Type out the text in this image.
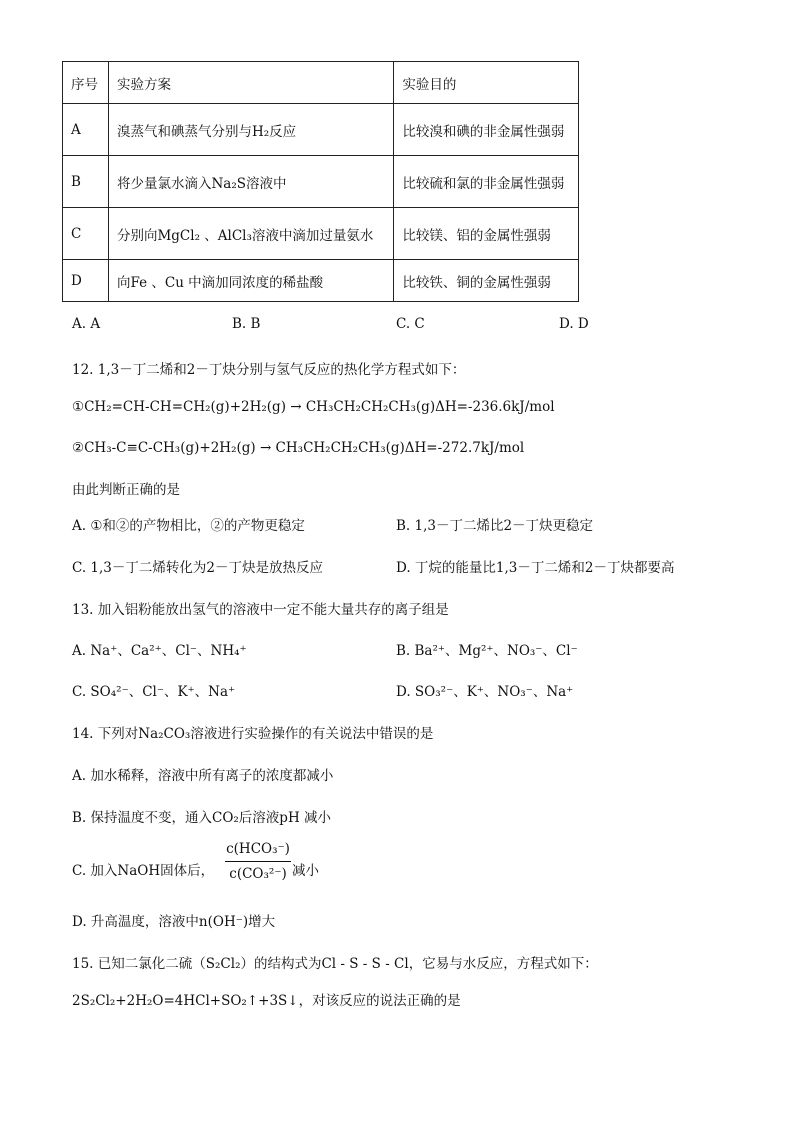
序号	实验方案	实验目的
A	溴蒸气和碘蒸气分别与H₂反应	比较溴和碘的非金属性强弱
B	将少量氯水滴入Na₂S溶液中	比较硫和氯的非金属性强弱
C	分别向MgCl₂ 、AlCl₃溶液中滴加过量氨水	比较镁、铝的金属性强弱
D	向Fe 、Cu 中滴加同浓度的稀盐酸	比较铁、铜的金属性强弱
A. A	B. B	C. C	D. D
12. 1,3－丁二烯和2－丁炔分别与氢气反应的热化学方程式如下：
①CH₂=CH-CH=CH₂(g)+2H₂(g) → CH₃CH₂CH₂CH₃(g)ΔH=-236.6kJ/mol
②CH₃-C≡C-CH₃(g)+2H₂(g) → CH₃CH₂CH₂CH₃(g)ΔH=-272.7kJ/mol
由此判断正确的是
A. ①和②的产物相比，②的产物更稳定	B. 1,3－丁二烯比2－丁炔更稳定
C. 1,3－丁二烯转化为2－丁炔是放热反应	D. 丁烷的能量比1,3－丁二烯和2－丁炔都要高
13. 加入铝粉能放出氢气的溶液中一定不能大量共存的离子组是
A. Na⁺、Ca²⁺、Cl⁻、NH₄⁺	B. Ba²⁺、Mg²⁺、NO₃⁻、Cl⁻
C. SO₄²⁻、Cl⁻、K⁺、Na⁺	D. SO₃²⁻、K⁺、NO₃⁻、Na⁺
14. 下列对Na₂CO₃溶液进行实验操作的有关说法中错误的是
A. 加水稀释，溶液中所有离子的浓度都减小
B. 保持温度不变，通入CO₂后溶液pH 减小
C. 加入NaOH固体后，
c(HCO₃⁻)
c(CO₃²⁻) 减小
D. 升高温度，溶液中n(OH⁻)增大
15. 已知二氯化二硫（S₂Cl₂）的结构式为Cl - S - S - Cl，它易与水反应，方程式如下：
2S₂Cl₂+2H₂O=4HCl+SO₂↑+3S↓，对该反应的说法正确的是
